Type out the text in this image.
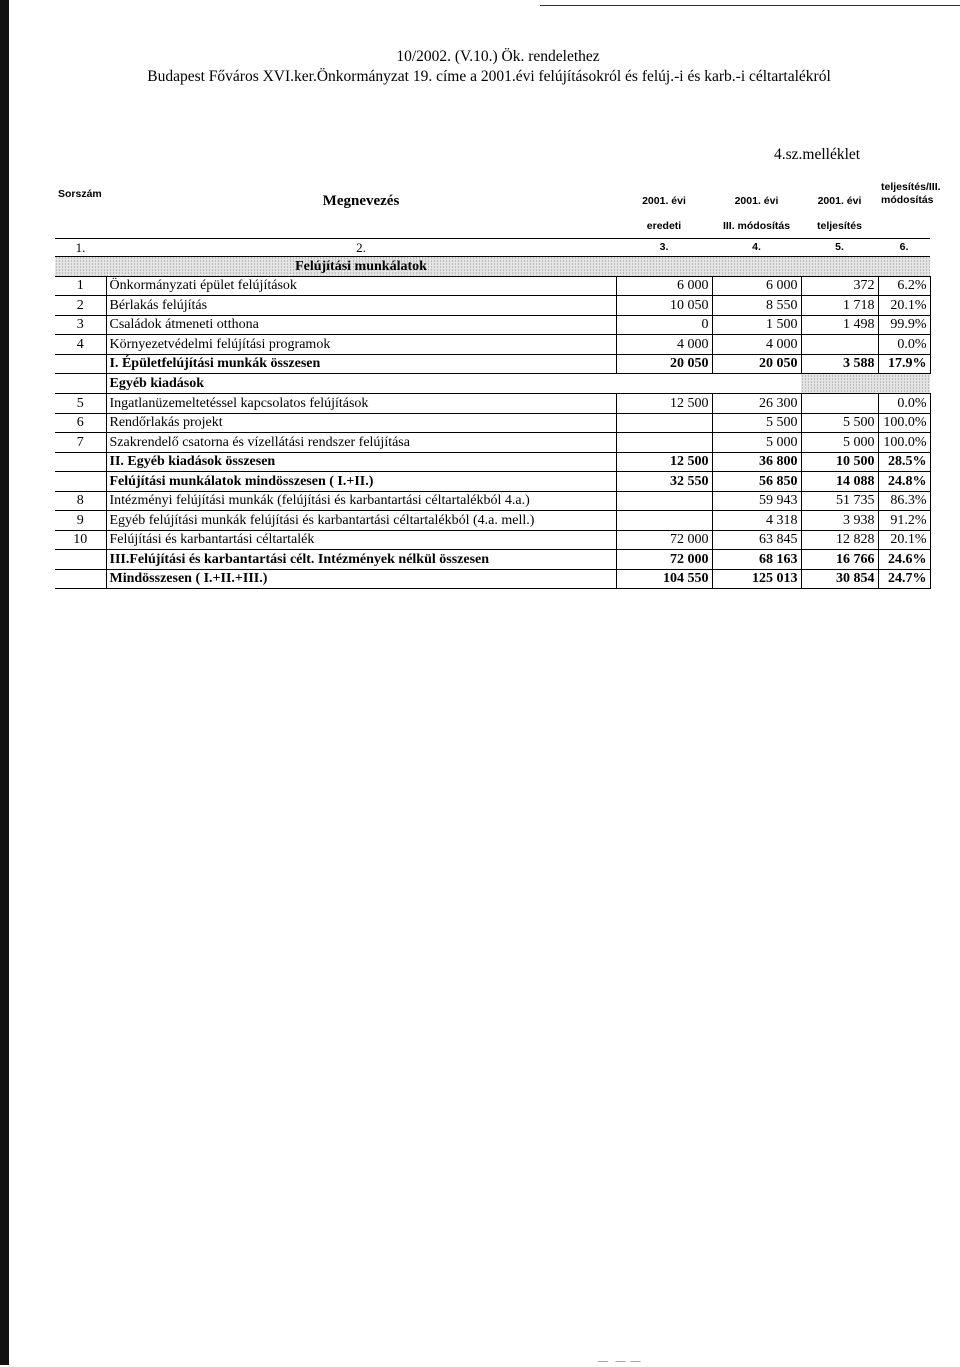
10/2002. (V.10.) Ök. rendelethez
Budapest Főváros XVI.ker.Önkormányzat 19. címe a 2001.évi felújításokról és felúj.-i és karb.-i céltartalékról
4.sz.melléklet
Sorszám	Megnevezés	2001. évi	2001. évi	2001. évi	teljesítés/III. módosítás
		eredeti	III. módosítás	teljesítés	
1.	2.	3.	4.	5.	6.
	Felújítási munkálatok				
1	Önkormányzati épület felújítások	6 000	6 000	372	6.2%
2	Bérlakás felújítás	10 050	8 550	1 718	20.1%
3	Családok átmeneti otthona	0	1 500	1 498	99.9%
4	Környezetvédelmi felújítási programok	4 000	4 000		0.0%
	I. Épületfelújítási munkák összesen	20 050	20 050	3 588	17.9%
	Egyéb kiadások				
5	Ingatlanüzemeltetéssel kapcsolatos felújítások	12 500	26 300		0.0%
6	Rendőrlakás projekt		5 500	5 500	100.0%
7	Szakrendelő csatorna és vízellátási rendszer felújítása		5 000	5 000	100.0%
	II. Egyéb kiadások összesen	12 500	36 800	10 500	28.5%
	Felújítási munkálatok mindösszesen ( I.+II.)	32 550	56 850	14 088	24.8%
8	Intézményi felújítási munkák (felújítási és karbantartási céltartalékból 4.a.)		59 943	51 735	86.3%
9	Egyéb felújítási munkák felújítási és karbantartási céltartalékból (4.a. mell.)		4 318	3 938	91.2%
10	Felújítási és karbantartási céltartalék	72 000	63 845	12 828	20.1%
	III.Felújítási és karbantartási célt. Intézmények nélkül összesen	72 000	68 163	16 766	24.6%
	Mindösszesen ( I.+II.+III.)	104 550	125 013	30 854	24.7%
—   —  —
